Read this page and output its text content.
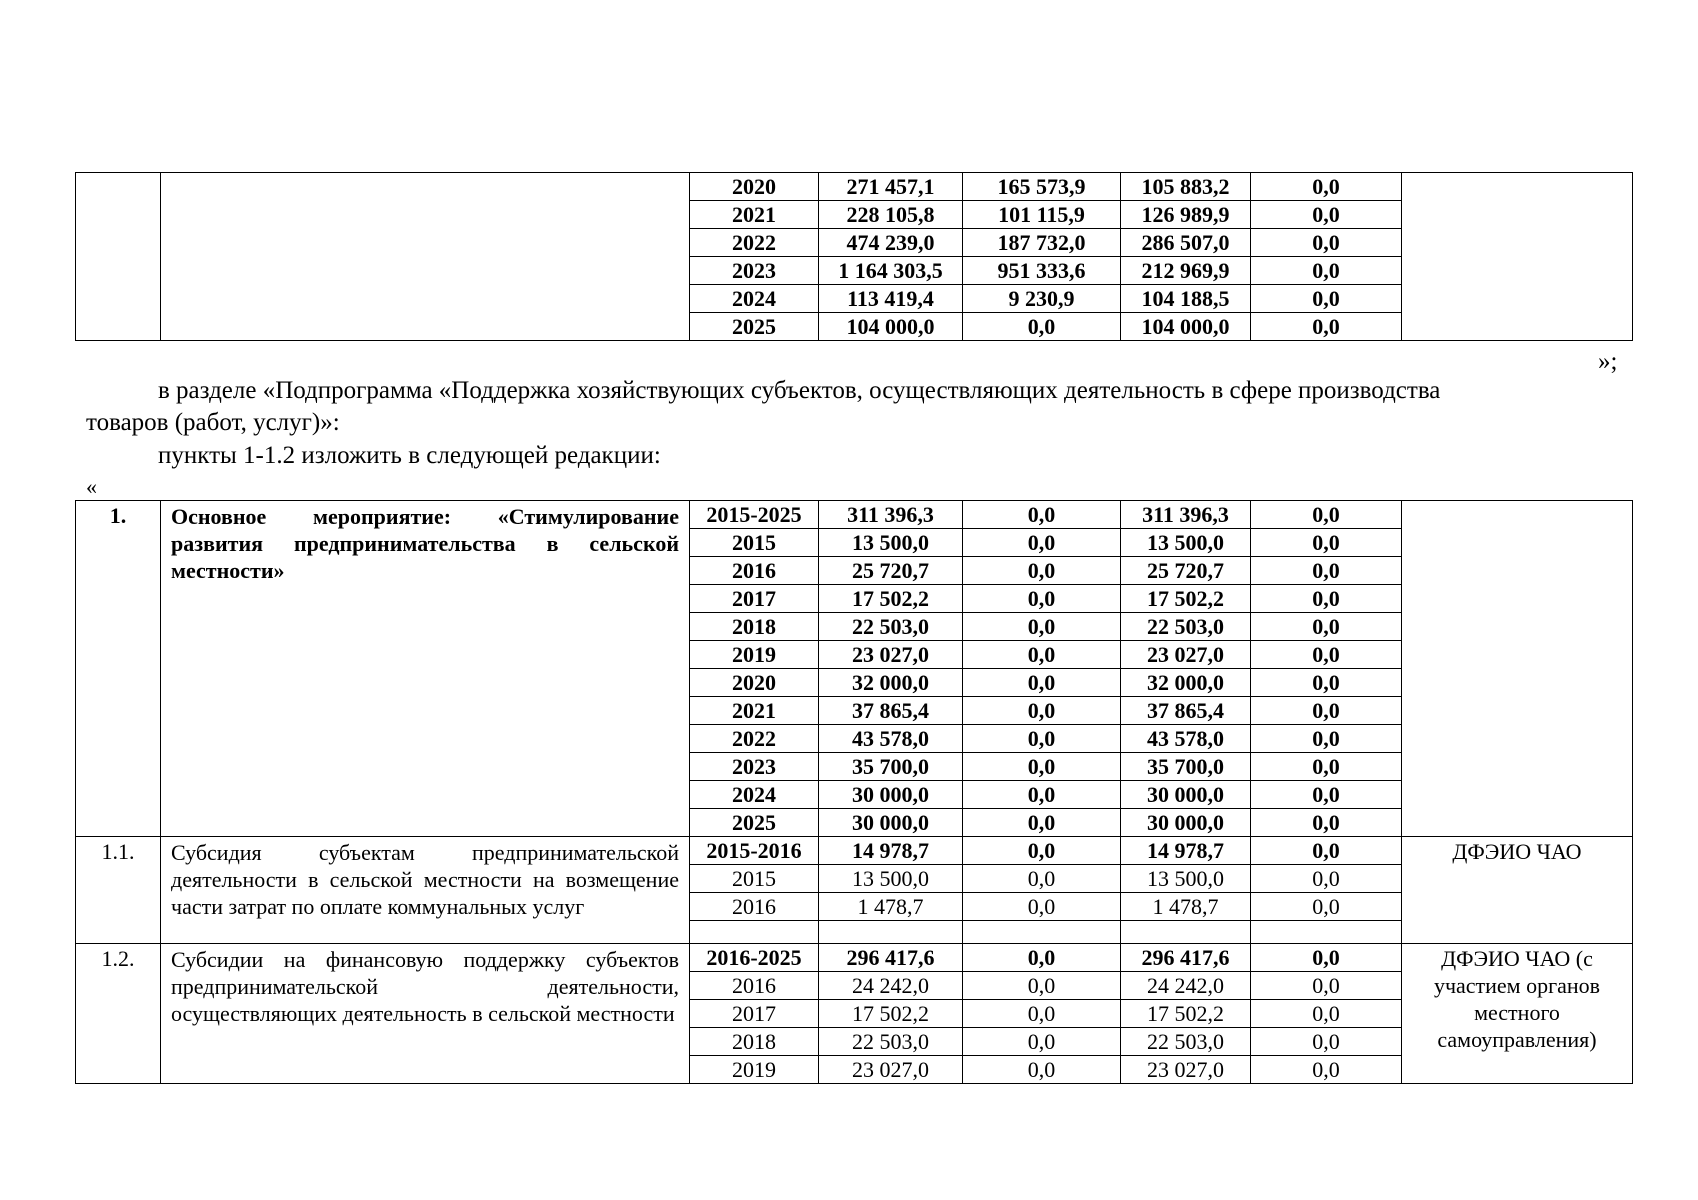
		2020	271 457,1	165 573,9	105 883,2	0,0	
		2021	228 105,8	101 115,9	126 989,9	0,0	
		2022	474 239,0	187 732,0	286 507,0	0,0	
		2023	1 164 303,5	951 333,6	212 969,9	0,0	
		2024	113 419,4	9 230,9	104 188,5	0,0	
		2025	104 000,0	0,0	104 000,0	0,0	
»;
в разделе «Подпрограмма «Поддержка хозяйствующих субъектов, осуществляющих деятельность в сфере производства
товаров (работ, услуг)»:
пункты 1-1.2 изложить в следующей редакции:
«
1.	Основное мероприятие: «Стимулирование развития предпринимательства в сельской местности»	2015-2025	311 396,3	0,0	311 396,3	0,0	
		2015	13 500,0	0,0	13 500,0	0,0	
		2016	25 720,7	0,0	25 720,7	0,0	
		2017	17 502,2	0,0	17 502,2	0,0	
		2018	22 503,0	0,0	22 503,0	0,0	
		2019	23 027,0	0,0	23 027,0	0,0	
		2020	32 000,0	0,0	32 000,0	0,0	
		2021	37 865,4	0,0	37 865,4	0,0	
		2022	43 578,0	0,0	43 578,0	0,0	
		2023	35 700,0	0,0	35 700,0	0,0	
		2024	30 000,0	0,0	30 000,0	0,0	
		2025	30 000,0	0,0	30 000,0	0,0	
1.1.	Субсидия субъектам предпринимательской деятельности в сельской местности на возмещение части затрат по оплате коммунальных услуг	2015-2016	14 978,7	0,0	14 978,7	0,0	ДФЭИО ЧАО
		2015	13 500,0	0,0	13 500,0	0,0	
		2016	1 478,7	0,0	1 478,7	0,0	

1.2.	Субсидии на финансовую поддержку субъектов предпринимательской деятельности, осуществляющих деятельность в сельской местности	2016-2025	296 417,6	0,0	296 417,6	0,0	ДФЭИО ЧАО (с участием органов местного самоуправления)
		2016	24 242,0	0,0	24 242,0	0,0	
		2017	17 502,2	0,0	17 502,2	0,0	
		2018	22 503,0	0,0	22 503,0	0,0	
		2019	23 027,0	0,0	23 027,0	0,0	
